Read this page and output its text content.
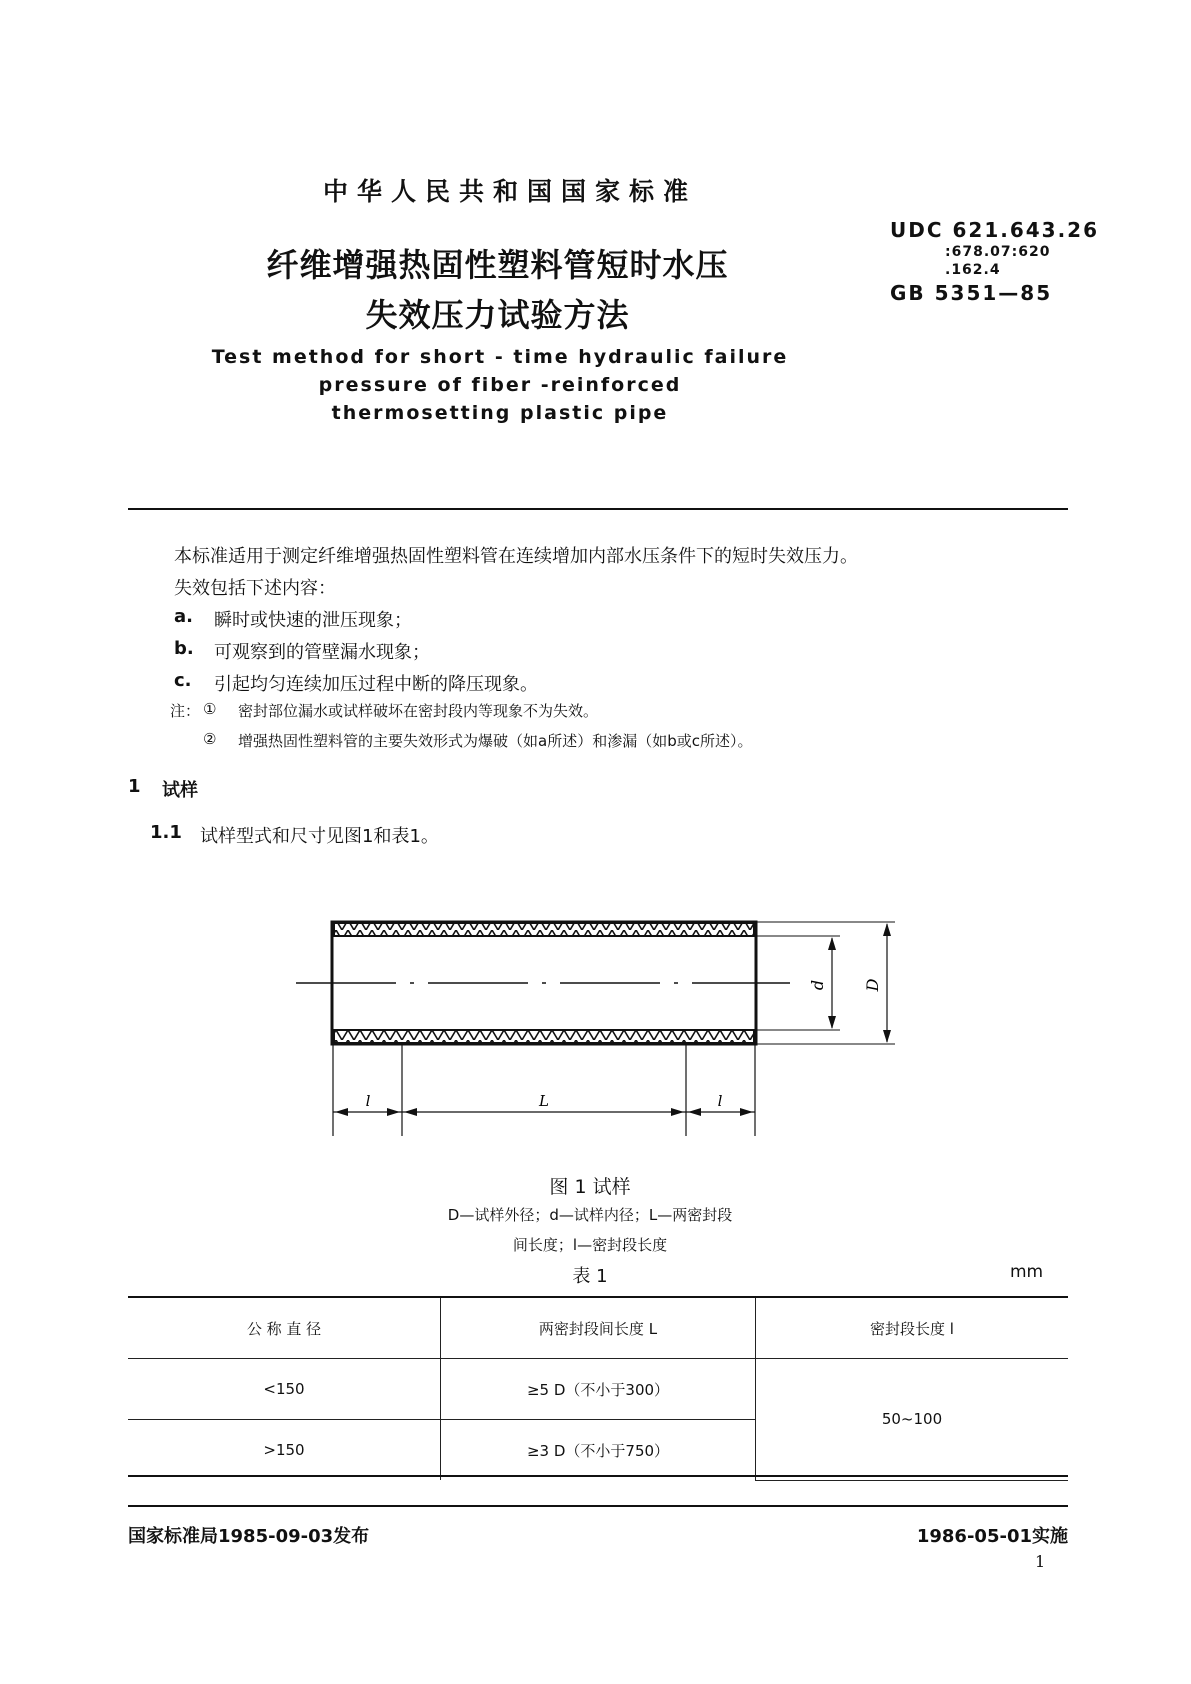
中华人民共和国国家标准
纤维增强热固性塑料管短时水压
失效压力试验方法
Test method for short - time hydraulic failure
pressure of fiber -reinforced
thermosetting plastic pipe
UDC 621.643.26
:678.07:620
.162.4
GB 5351—85
本标准适用于测定纤维增强热固性塑料管在连续增加内部水压条件下的短时失效压力。
失效包括下述内容：
a. 瞬时或快速的泄压现象；
b. 可观察到的管壁漏水现象；
c. 引起均匀连续加压过程中断的降压现象。
注： ① 密封部位漏水或试样破坏在密封段内等现象不为失效。
② 增强热固性塑料管的主要失效形式为爆破（如a所述）和渗漏（如b或c所述）。
1 试样
1.1 试样型式和尺寸见图1和表1。
d D
l	L	l
图 1 试样
D—试样外径；d—试样内径；L—两密封段
间长度；l—密封段长度
表 1	mm
公 称 直 径	两密封段间长度 L	密封段长度 l
<150	≥5 D（不小于300）	50~100
>150	≥3 D（不小于750）	
国家标准局1985-09-03发布	1986-05-01实施
1
